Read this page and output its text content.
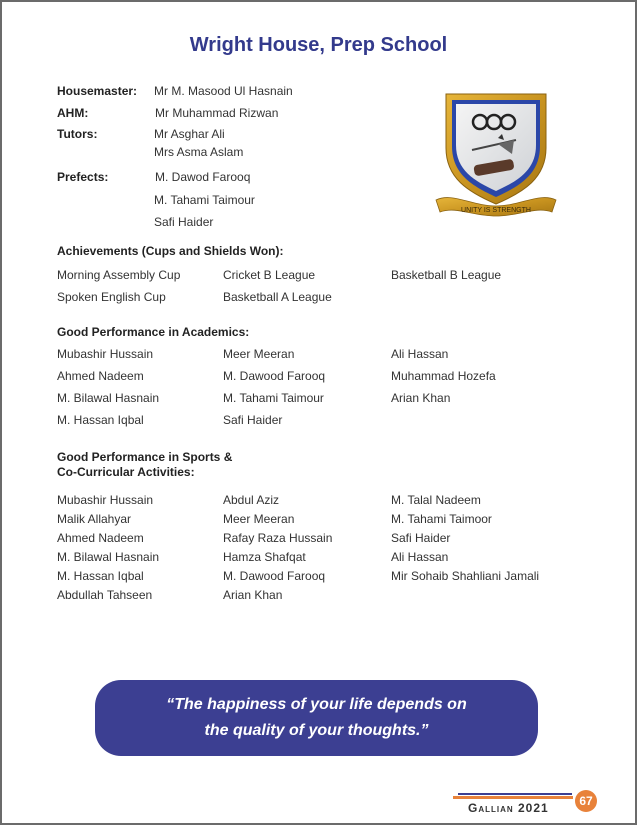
Wright House, Prep School
Housemaster: Mr M. Masood Ul Hasnain
AHM:	Mr Muhammad Rizwan
Tutors:	Mr Asghar Ali
Mrs Asma Aslam
Prefects:	M. Dawod Farooq
M. Tahami Taimour
Safi Haider
UNITY IS STRENGTH
Achievements (Cups and Shields Won):
Morning Assembly Cup	Cricket B League	Basketball B League
Spoken English Cup	Basketball A League
Good Performance in Academics:
Mubashir Hussain	Meer Meeran	Ali Hassan
Ahmed Nadeem	M. Dawood Farooq	Muhammad Hozefa
M. Bilawal Hasnain	M. Tahami Taimour	Arian Khan
M. Hassan Iqbal	Safi Haider
Good Performance in Sports &
Co-Curricular Activities:
Mubashir Hussain	Abdul Aziz	M. Talal Nadeem
Malik Allahyar	Meer Meeran	M. Tahami Taimoor
Ahmed Nadeem	Rafay Raza Hussain	Safi Haider
M. Bilawal Hasnain	Hamza Shafqat	Ali Hassan
M. Hassan Iqbal	M. Dawood Farooq	Mir Sohaib Shahliani Jamali
Abdullah Tahseen	Arian Khan
“The happiness of your life depends on
the quality of your thoughts.”
Gallian 2021	67
